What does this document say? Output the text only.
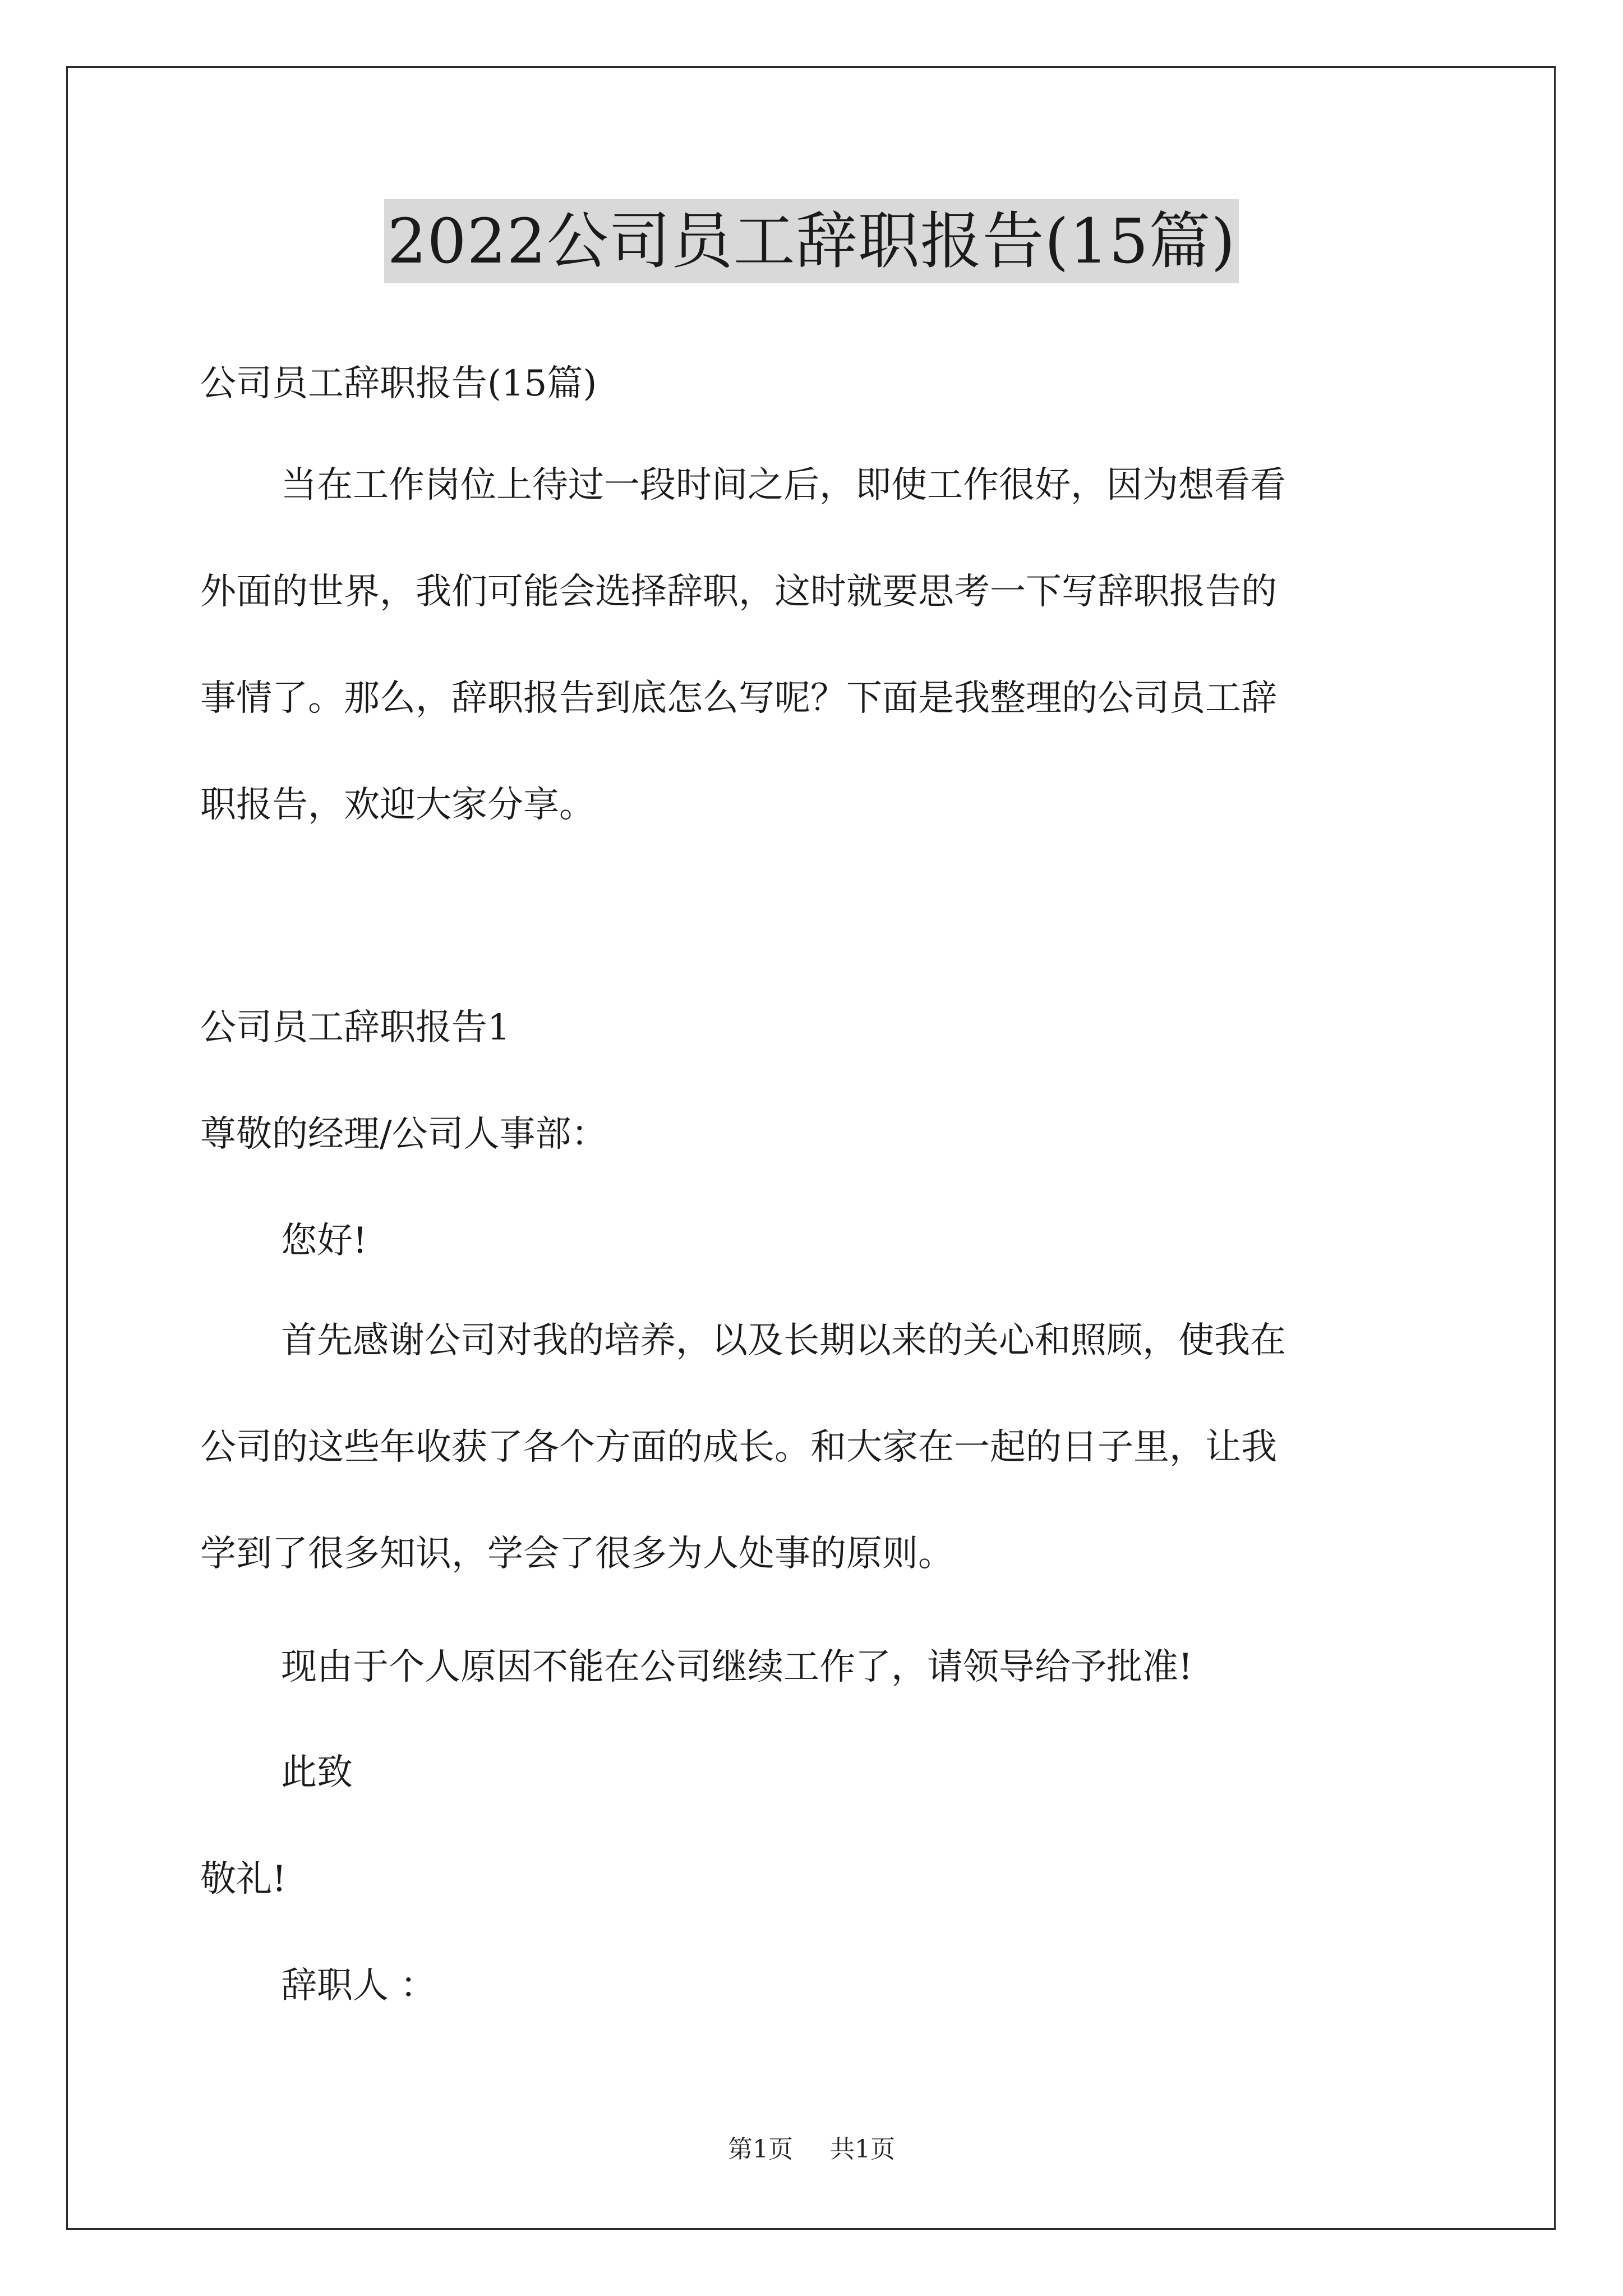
2022公司员工辞职报告(15篇)

公司员工辞职报告(15篇)

当在工作岗位上待过一段时间之后，即使工作很好，因为想看看
外面的世界，我们可能会选择辞职，这时就要思考一下写辞职报告的
事情了。那么，辞职报告到底怎么写呢？下面是我整理的公司员工辞
职报告，欢迎大家分享。

公司员工辞职报告1

尊敬的经理/公司人事部：

您好!

首先感谢公司对我的培养，以及长期以来的关心和照顾，使我在
公司的这些年收获了各个方面的成长。和大家在一起的日子里，让我
学到了很多知识，学会了很多为人处事的原则。

现由于个人原因不能在公司继续工作了，请领导给予批准!

此致

敬礼!

辞职人 ：

第1页 共1页
